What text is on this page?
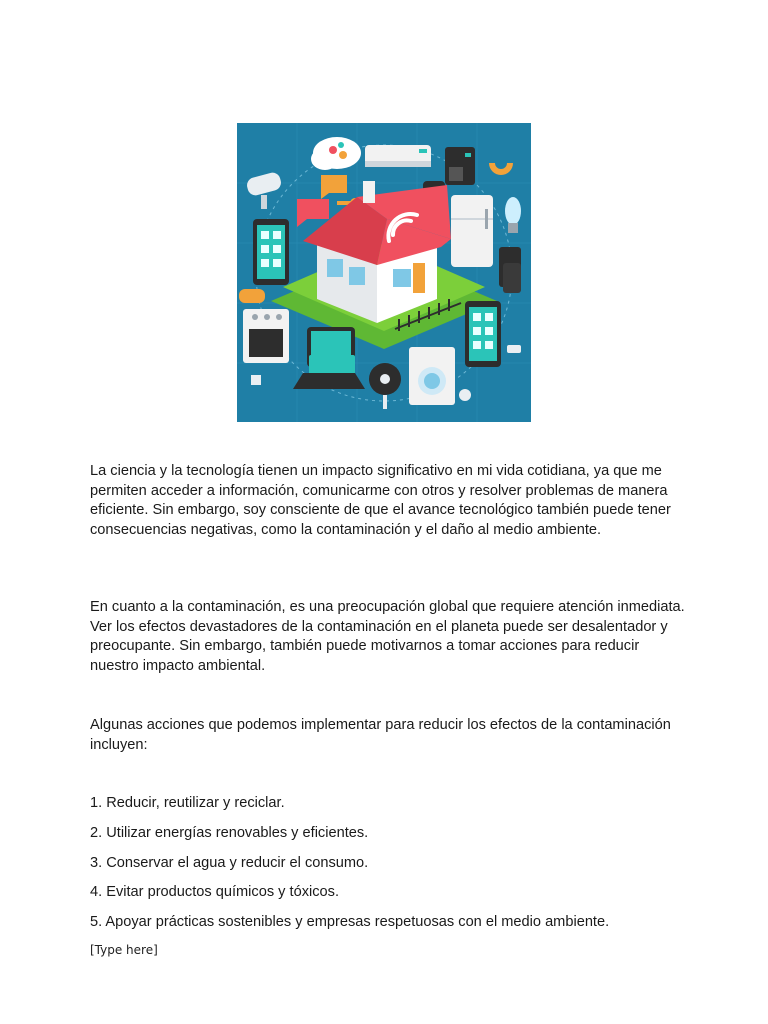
La ciencia y la tecnología tienen un impacto significativo en mi vida cotidiana, ya que me permiten acceder a información, comunicarme con otros y resolver problemas de manera eficiente. Sin embargo, soy consciente de que el avance tecnológico también puede tener consecuencias negativas, como la contaminación y el daño al medio ambiente.

En cuanto a la contaminación, es una preocupación global que requiere atención inmediata. Ver los efectos devastadores de la contaminación en el planeta puede ser desalentador y preocupante. Sin embargo, también puede motivarnos a tomar acciones para reducir nuestro impacto ambiental.

Algunas acciones que podemos implementar para reducir los efectos de la contaminación incluyen:

1. Reducir, reutilizar y reciclar.
2. Utilizar energías renovables y eficientes.
3. Conservar el agua y reducir el consumo.
4. Evitar productos químicos y tóxicos.
5. Apoyar prácticas sostenibles y empresas respetuosas con el medio ambiente.
[Type here]
